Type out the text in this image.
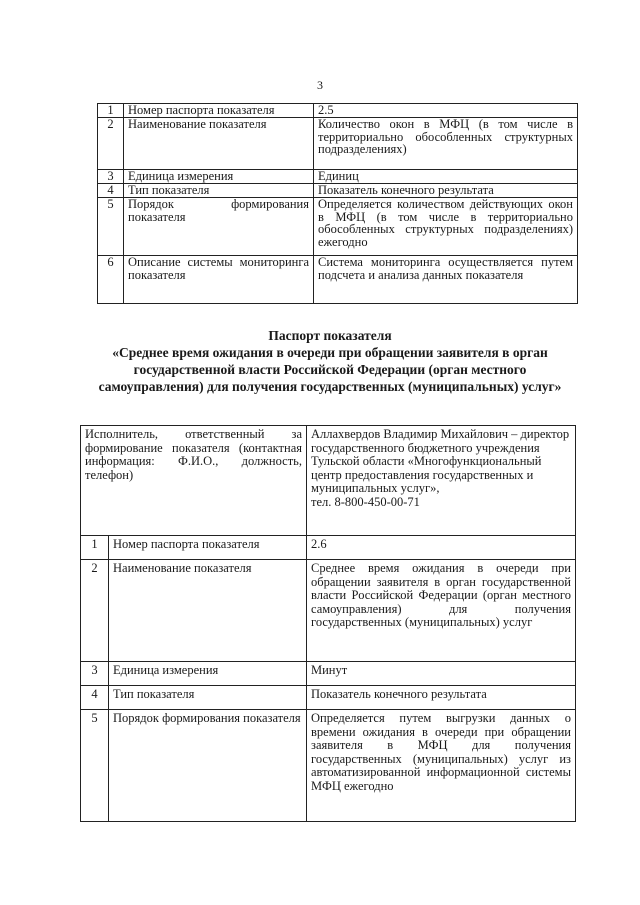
3
1	Номер паспорта показателя	2.5
2	Наименование показателя	Количество окон в МФЦ (в том числе в территориально обособленных структурных подразделениях)
3	Единица измерения	Единиц
4	Тип показателя	Показатель конечного результата
5	Порядок формирования показателя	Определяется количеством действующих окон в МФЦ (в том числе в территориально обособленных структурных подразделениях) ежегодно
6	Описание системы мониторинга показателя	Система мониторинга осуществляется путем подсчета и анализа данных показателя
Паспорт показателя
«Среднее время ожидания в очереди при обращении заявителя в орган государственной власти Российской Федерации (орган местного самоуправления) для получения государственных (муниципальных) услуг»
Исполнитель, ответственный за формирование показателя (контактная информация: Ф.И.О., должность, телефон)		Аллахвердов Владимир Михайлович – директор государственного бюджетного учреждения Тульской области «Многофункциональный центр предоставления государственных и муниципальных услуг»,
тел. 8-800-450-00-71

1	Номер паспорта показателя	2.6
2	Наименование показателя	Среднее время ожидания в очереди при обращении заявителя в орган государственной власти Российской Федерации (орган местного самоуправления) для получения государственных (муниципальных) услуг
3	Единица измерения	Минут
4	Тип показателя	Показатель конечного результата
5	Порядок формирования показателя	Определяется путем выгрузки данных о времени ожидания в очереди при обращении заявителя в МФЦ для получения государственных (муниципальных) услуг из автоматизированной информационной системы МФЦ ежегодно
